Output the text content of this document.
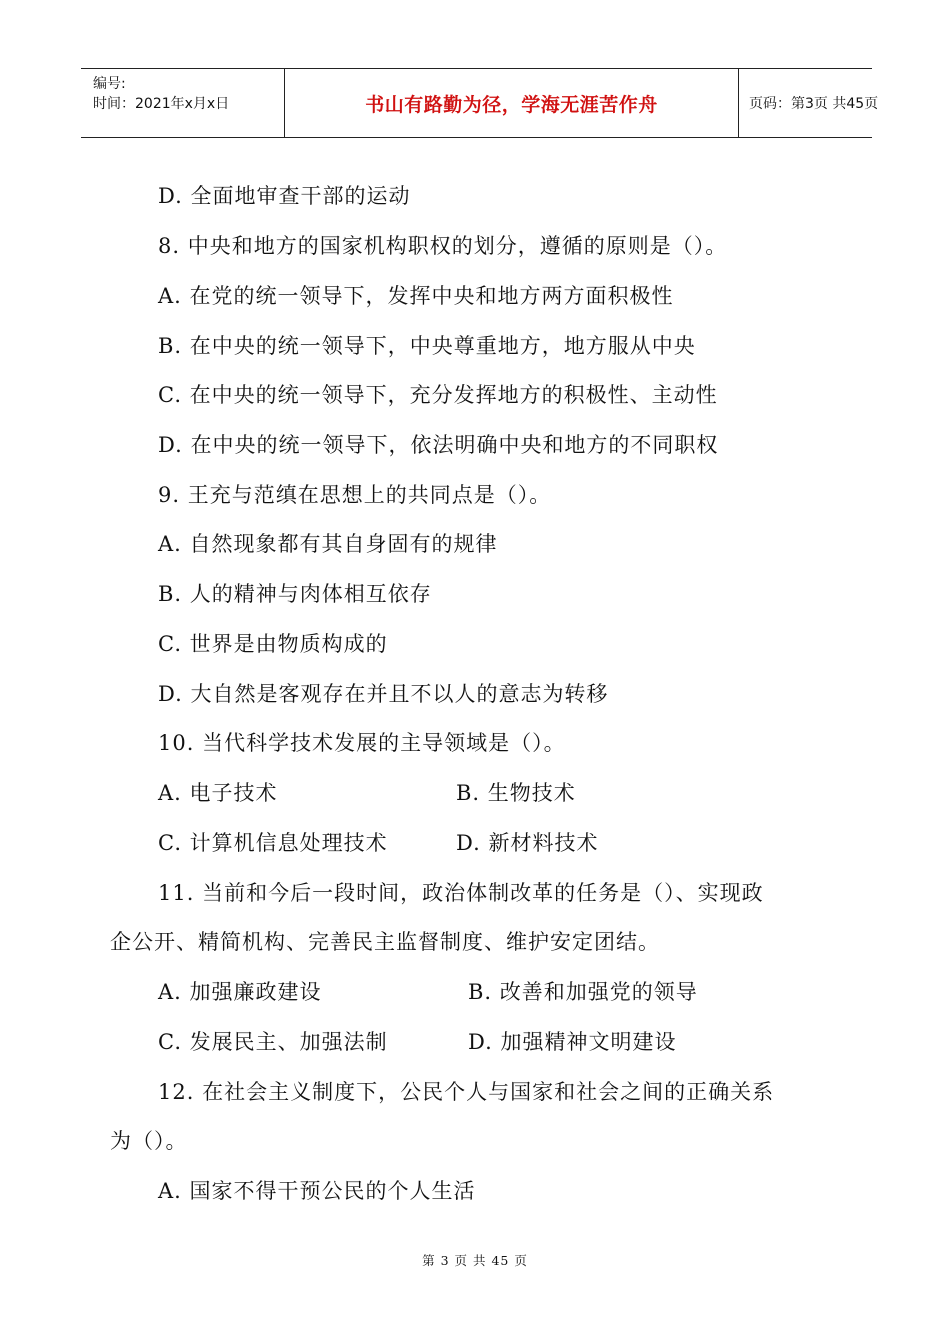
编号:
时间：2021年x月x日	书山有路勤为径，学海无涯苦作舟	页码：第3页 共45页
D. 全面地审查干部的运动
8. 中央和地方的国家机构职权的划分，遵循的原则是（）。
A. 在党的统一领导下，发挥中央和地方两方面积极性
B. 在中央的统一领导下，中央尊重地方，地方服从中央
C. 在中央的统一领导下，充分发挥地方的积极性、主动性
D. 在中央的统一领导下，依法明确中央和地方的不同职权
9. 王充与范缜在思想上的共同点是（）。
A. 自然现象都有其自身固有的规律
B. 人的精神与肉体相互依存
C. 世界是由物质构成的
D. 大自然是客观存在并且不以人的意志为转移
10. 当代科学技术发展的主导领域是（）。
A. 电子技术	B. 生物技术
C. 计算机信息处理技术	D. 新材料技术
11. 当前和今后一段时间，政治体制改革的任务是（）、实现政
企公开、精简机构、完善民主监督制度、维护安定团结。
A. 加强廉政建设	B. 改善和加强党的领导
C. 发展民主、加强法制	D. 加强精神文明建设
12. 在社会主义制度下，公民个人与国家和社会之间的正确关系
为（）。
A. 国家不得干预公民的个人生活
第 3 页 共 45 页
